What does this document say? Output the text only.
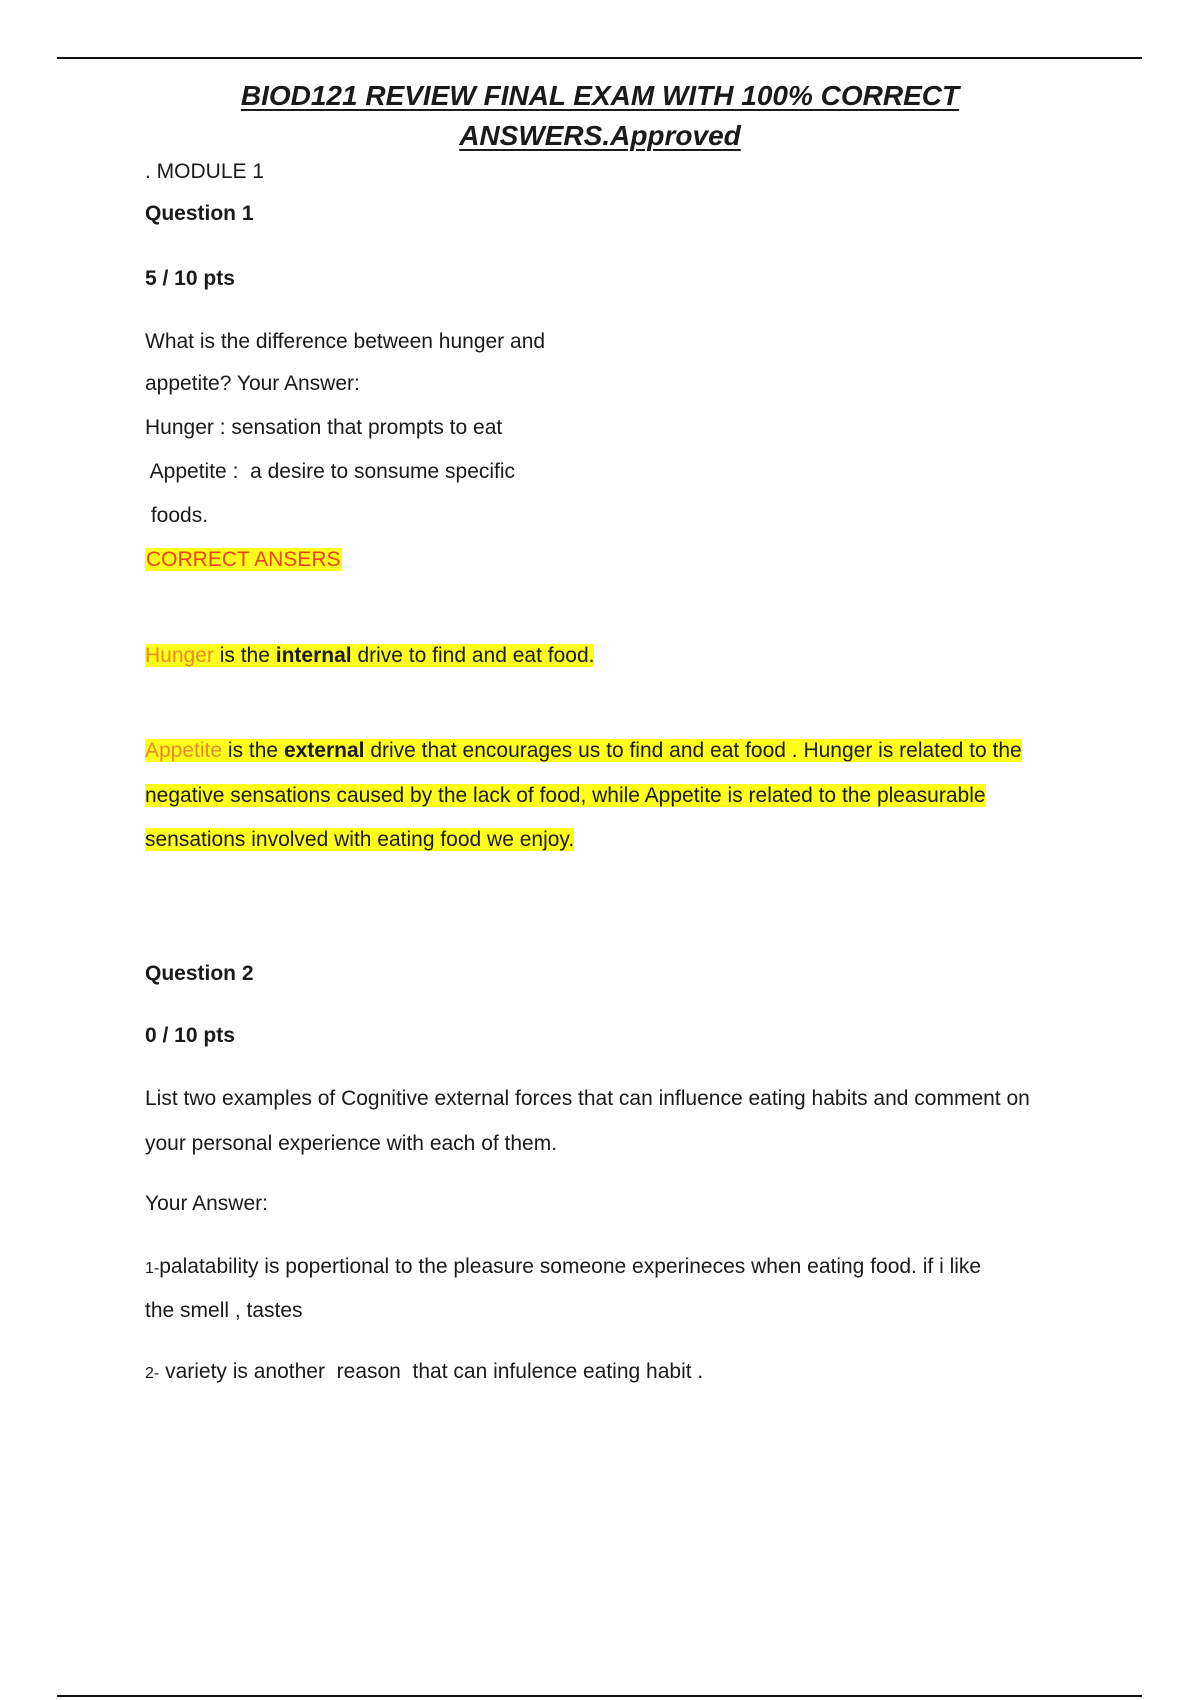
BIOD121 REVIEW FINAL EXAM WITH 100% CORRECT
ANSWERS.Approved
. MODULE 1
Question 1
5 / 10 pts
What is the difference between hunger and
appetite? Your Answer:
Hunger : sensation that prompts to eat
Appetite :  a desire to sonsume specific
foods.
CORRECT ANSERS
Hunger is the internal drive to find and eat food.
Appetite is the external drive that encourages us to find and eat food . Hunger is related to the
negative sensations caused by the lack of food, while Appetite is related to the pleasurable
sensations involved with eating food we enjoy.
Question 2
0 / 10 pts
List two examples of Cognitive external forces that can influence eating habits and comment on
your personal experience with each of them.
Your Answer:
1-palatability is popertional to the pleasure someone experineces when eating food. if i like
the smell , tastes
2- variety is another  reason  that can infulence eating habit .
